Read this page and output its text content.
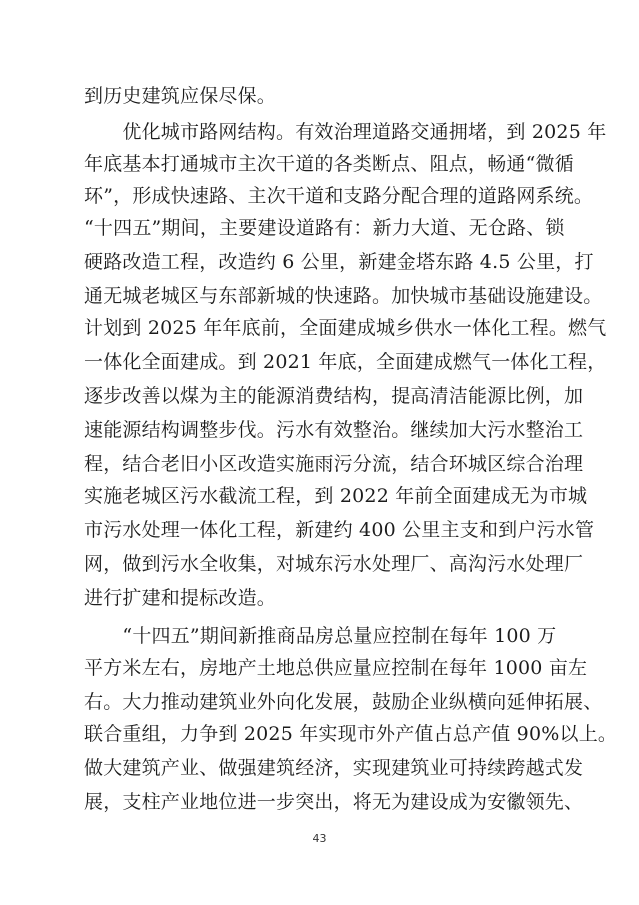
到历史建筑应保尽保。
　　优化城市路网结构。有效治理道路交通拥堵，到 2025 年
年底基本打通城市主次干道的各类断点、阻点，畅通“微循
环”，形成快速路、主次干道和支路分配合理的道路网系统。
“十四五”期间，主要建设道路有：新力大道、无仓路、锁
硬路改造工程，改造约 6 公里，新建金塔东路 4.5 公里，打
通无城老城区与东部新城的快速路。加快城市基础设施建设。
计划到 2025 年年底前，全面建成城乡供水一体化工程。燃气
一体化全面建成。到 2021 年底，全面建成燃气一体化工程，
逐步改善以煤为主的能源消费结构，提高清洁能源比例，加
速能源结构调整步伐。污水有效整治。继续加大污水整治工
程，结合老旧小区改造实施雨污分流，结合环城区综合治理
实施老城区污水截流工程，到 2022 年前全面建成无为市城
市污水处理一体化工程，新建约 400 公里主支和到户污水管
网，做到污水全收集，对城东污水处理厂、高沟污水处理厂
进行扩建和提标改造。
　　“十四五”期间新推商品房总量应控制在每年 100 万
平方米左右，房地产土地总供应量应控制在每年 1000 亩左
右。大力推动建筑业外向化发展，鼓励企业纵横向延伸拓展、
联合重组，力争到 2025 年实现市外产值占总产值 90%以上。
做大建筑产业、做强建筑经济，实现建筑业可持续跨越式发
展，支柱产业地位进一步突出，将无为建设成为安徽领先、
43
